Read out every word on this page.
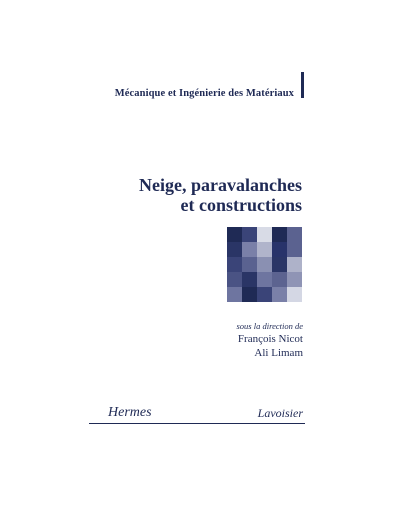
Mécanique et Ingénierie des Matériaux
Neige, paravalanches
et constructions
sous la direction de
François Nicot
Ali Limam
Hermes	Lavoisier
